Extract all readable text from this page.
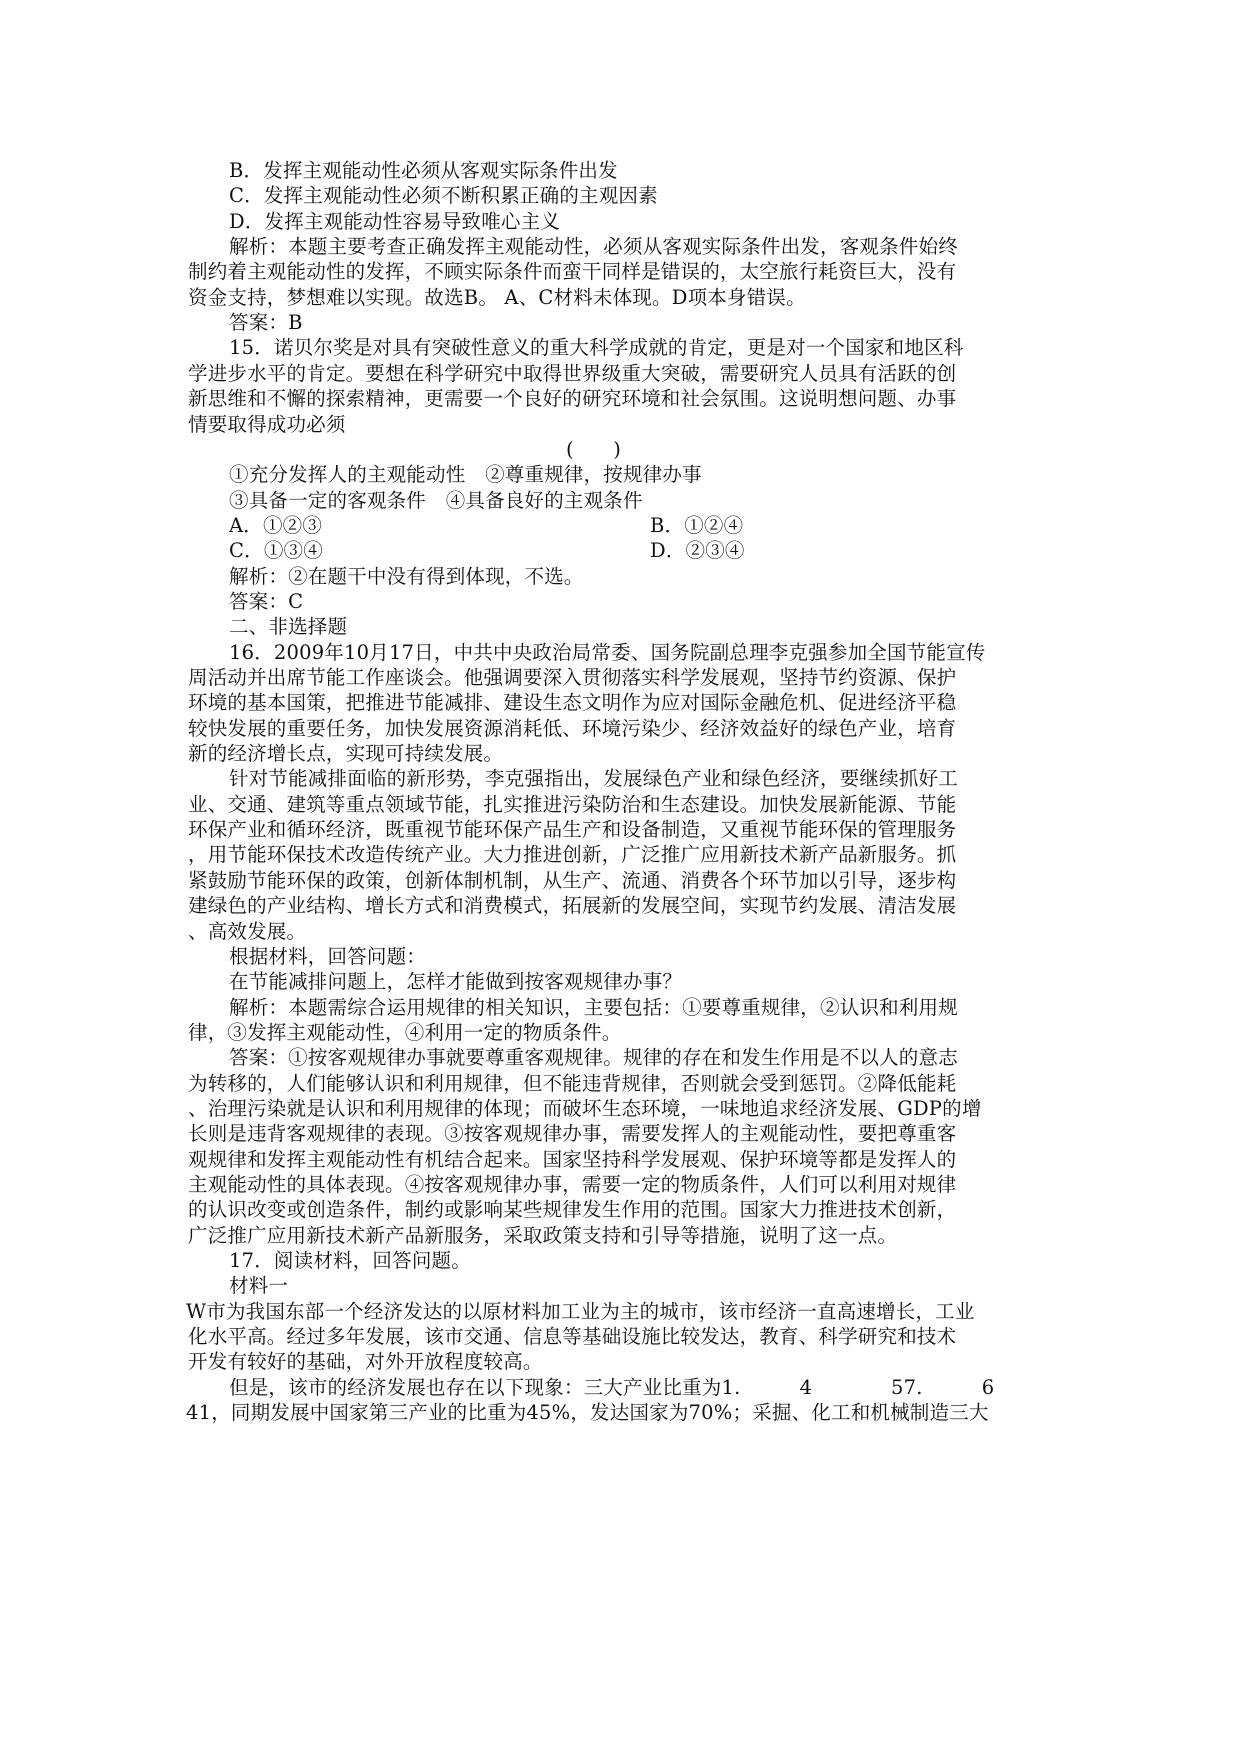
B．发挥主观能动性必须从客观实际条件出发
C．发挥主观能动性必须不断积累正确的主观因素
D．发挥主观能动性容易导致唯心主义
解析：本题主要考查正确发挥主观能动性，必须从客观实际条件出发，客观条件始终
制约着主观能动性的发挥，不顾实际条件而蛮干同样是错误的，太空旅行耗资巨大，没有
资金支持，梦想难以实现。故选B。 A、C材料未体现。D项本身错误。
答案：B
15．诺贝尔奖是对具有突破性意义的重大科学成就的肯定，更是对一个国家和地区科
学进步水平的肯定。要想在科学研究中取得世界级重大突破，需要研究人员具有活跃的创
新思维和不懈的探索精神，更需要一个良好的研究环境和社会氛围。这说明想问题、办事
情要取得成功必须
(　　)
①充分发挥人的主观能动性　②尊重规律，按规律办事
③具备一定的客观条件　④具备良好的主观条件
A．①②③	B．①②④
C．①③④	D．②③④
解析：②在题干中没有得到体现，不选。
答案：C
二、非选择题
16．2009年10月17日，中共中央政治局常委、国务院副总理李克强参加全国节能宣传
周活动并出席节能工作座谈会。他强调要深入贯彻落实科学发展观，坚持节约资源、保护
环境的基本国策，把推进节能减排、建设生态文明作为应对国际金融危机、促进经济平稳
较快发展的重要任务，加快发展资源消耗低、环境污染少、经济效益好的绿色产业，培育
新的经济增长点，实现可持续发展。
针对节能减排面临的新形势，李克强指出，发展绿色产业和绿色经济，要继续抓好工
业、交通、建筑等重点领域节能，扎实推进污染防治和生态建设。加快发展新能源、节能
环保产业和循环经济，既重视节能环保产品生产和设备制造，又重视节能环保的管理服务
，用节能环保技术改造传统产业。大力推进创新，广泛推广应用新技术新产品新服务。抓
紧鼓励节能环保的政策，创新体制机制，从生产、流通、消费各个环节加以引导，逐步构
建绿色的产业结构、增长方式和消费模式，拓展新的发展空间，实现节约发展、清洁发展
、高效发展。
根据材料，回答问题：
在节能减排问题上，怎样才能做到按客观规律办事？
解析：本题需综合运用规律的相关知识，主要包括：①要尊重规律，②认识和利用规
律，③发挥主观能动性，④利用一定的物质条件。
答案：①按客观规律办事就要尊重客观规律。规律的存在和发生作用是不以人的意志
为转移的，人们能够认识和利用规律，但不能违背规律，否则就会受到惩罚。②降低能耗
、治理污染就是认识和利用规律的体现；而破坏生态环境，一味地追求经济发展、GDP的增
长则是违背客观规律的表现。③按客观规律办事，需要发挥人的主观能动性，要把尊重客
观规律和发挥主观能动性有机结合起来。国家坚持科学发展观、保护环境等都是发挥人的
主观能动性的具体表现。④按客观规律办事，需要一定的物质条件，人们可以利用对规律
的认识改变或创造条件，制约或影响某些规律发生作用的范围。国家大力推进技术创新，
广泛推广应用新技术新产品新服务，采取政策支持和引导等措施，说明了这一点。
17．阅读材料，回答问题。
材料一
W市为我国东部一个经济发达的以原材料加工业为主的城市，该市经济一直高速增长，工业
化水平高。经过多年发展，该市交通、信息等基础设施比较发达，教育、科学研究和技术
开发有较好的基础，对外开放程度较高。
但是，该市的经济发展也存在以下现象：三大产业比重为1.　　　4　　　　57.　　　6
41，同期发展中国家第三产业的比重为45%，发达国家为70%；采掘、化工和机械制造三大
